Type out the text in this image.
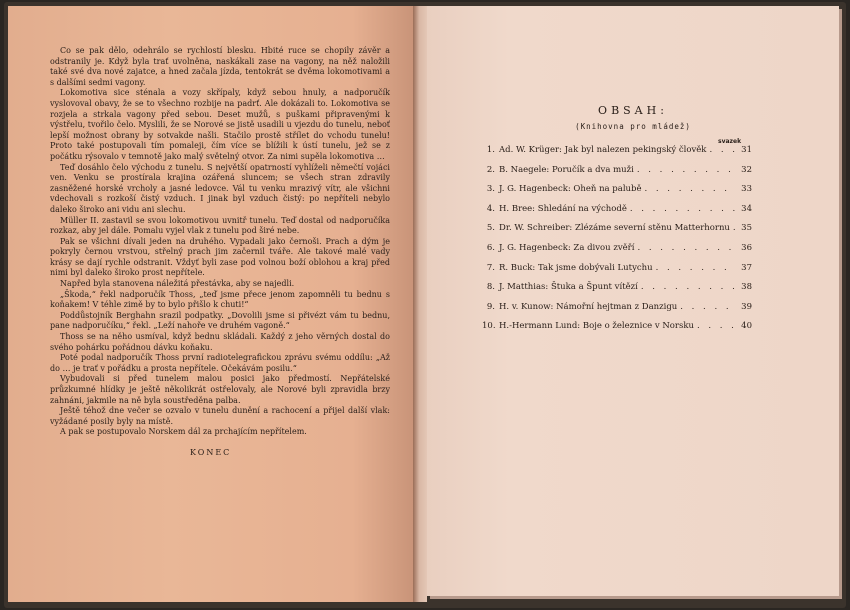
Co se pak dělo, odehrálo se rychlostí blesku. Hbité ruce se chopily závěr a odstranily je. Když byla trať uvolněna, naskákali zase na vagony, na něž naložili také své dva nové zajatce, a hned začala jízda, tentokrát se dvěma lokomotivami a s dalšími sedmi vagony.

Lokomotiva sice sténala a vozy skřípaly, když sebou hnuly, a nadporučík vyslovoval obavy, že se to všechno rozbije na padrť. Ale dokázali to. Lokomotiva se rozjela a strkala vagony před sebou. Deset mužů, s puškami připravenými k výstřelu, tvořilo čelo. Myslili, že se Norové se jistě usadili u vjezdu do tunelu, neboť lepší možnost obrany by sotvakde našli. Stačilo prostě střílet do vchodu tunelu! Proto také postupovali tím pomaleji, čím více se blížili k ústí tunelu, jež se z počátku rýsovalo v temnotě jako malý světelný otvor. Za nimi supěla lokomotiva …

Teď dosáhlo čelo východu z tunelu. S největší opatrností vyhlíželi němečtí vojáci ven. Venku se prostírala krajina ozářená sluncem; se všech stran zdravily zasněžené horské vrcholy a jasné ledovce. Vál tu venku mrazivý vítr, ale všichni vdechovali s rozkoší čistý vzduch. I jinak byl vzduch čistý: po nepříteli nebylo daleko široko ani vidu ani slechu.

Müller II. zastavil se svou lokomotivou uvnitř tunelu. Teď dostal od nadporučíka rozkaz, aby jel dále. Pomalu vyjel vlak z tunelu pod širé nebe.

Pak se všichni dívali jeden na druhého. Vypadali jako černoši. Prach a dým je pokryly černou vrstvou, střelný prach jim začernil tváře. Ale takové malé vady krásy se dají rychle odstranit. Vždyť byli zase pod volnou boží oblohou a kraj před nimi byl daleko široko prost nepřítele.

Napřed byla stanovena náležitá přestávka, aby se najedli.

„Škoda,“ řekl nadporučík Thoss, „teď jsme přece jenom zapomněli tu bednu s koňakem! V téhle zimě by to bylo přišlo k chuti!“

Poddůstojník Berghahn srazil podpatky. „Dovolili jsme si přivézt vám tu bednu, pane nadporučíku,“ řekl. „Leží nahoře ve druhém vagoně.“

Thoss se na něho usmíval, když bednu skládali. Každý z jeho věrných dostal do svého pohárku pořádnou dávku koňaku.

Poté podal nadporučík Thoss první radiotelegrafickou zprávu svému oddílu: „Až do … je trať v pořádku a prosta nepřítele. Očekávám posilu.“

Vybudovali si před tunelem malou posici jako předmostí. Nepřátelské průzkumné hlídky je ještě několikrát ostřelovaly, ale Norové byli zpravidla brzy zahnáni, jakmile na ně byla soustředěna palba.

Ještě téhož dne večer se ozvalo v tunelu dunění a rachocení a přijel další vlak: vyžádané posily byly na místě.

A pak se postupovalo Norskem dál za prchajícím nepřítelem.

KONEC

OBSAH:
(Knihovna pro mládež)
svazek
1. Ad. W. Krüger: Jak byl nalezen pekingský člověk . . .	31
2. B. Naegele: Poručík a dva muži . . .	32
3. J. G. Hagenbeck: Oheň na palubě . . .	33
4. H. Bree: Shledání na východě . . .	34
5. Dr. W. Schreiber: Zlézáme severní stěnu Matterhornu . . .	35
6. J. G. Hagenbeck: Za divou zvěří . . .	36
7. R. Buck: Tak jsme dobývali Lutychu . . .	37
8. J. Matthias: Štuka a Špunt vítězí . . .	38
9. H. v. Kunow: Námořní hejtman z Danzigu . . .	39
10. H.-Hermann Lund: Boje o železnice v Norsku . . .	40
